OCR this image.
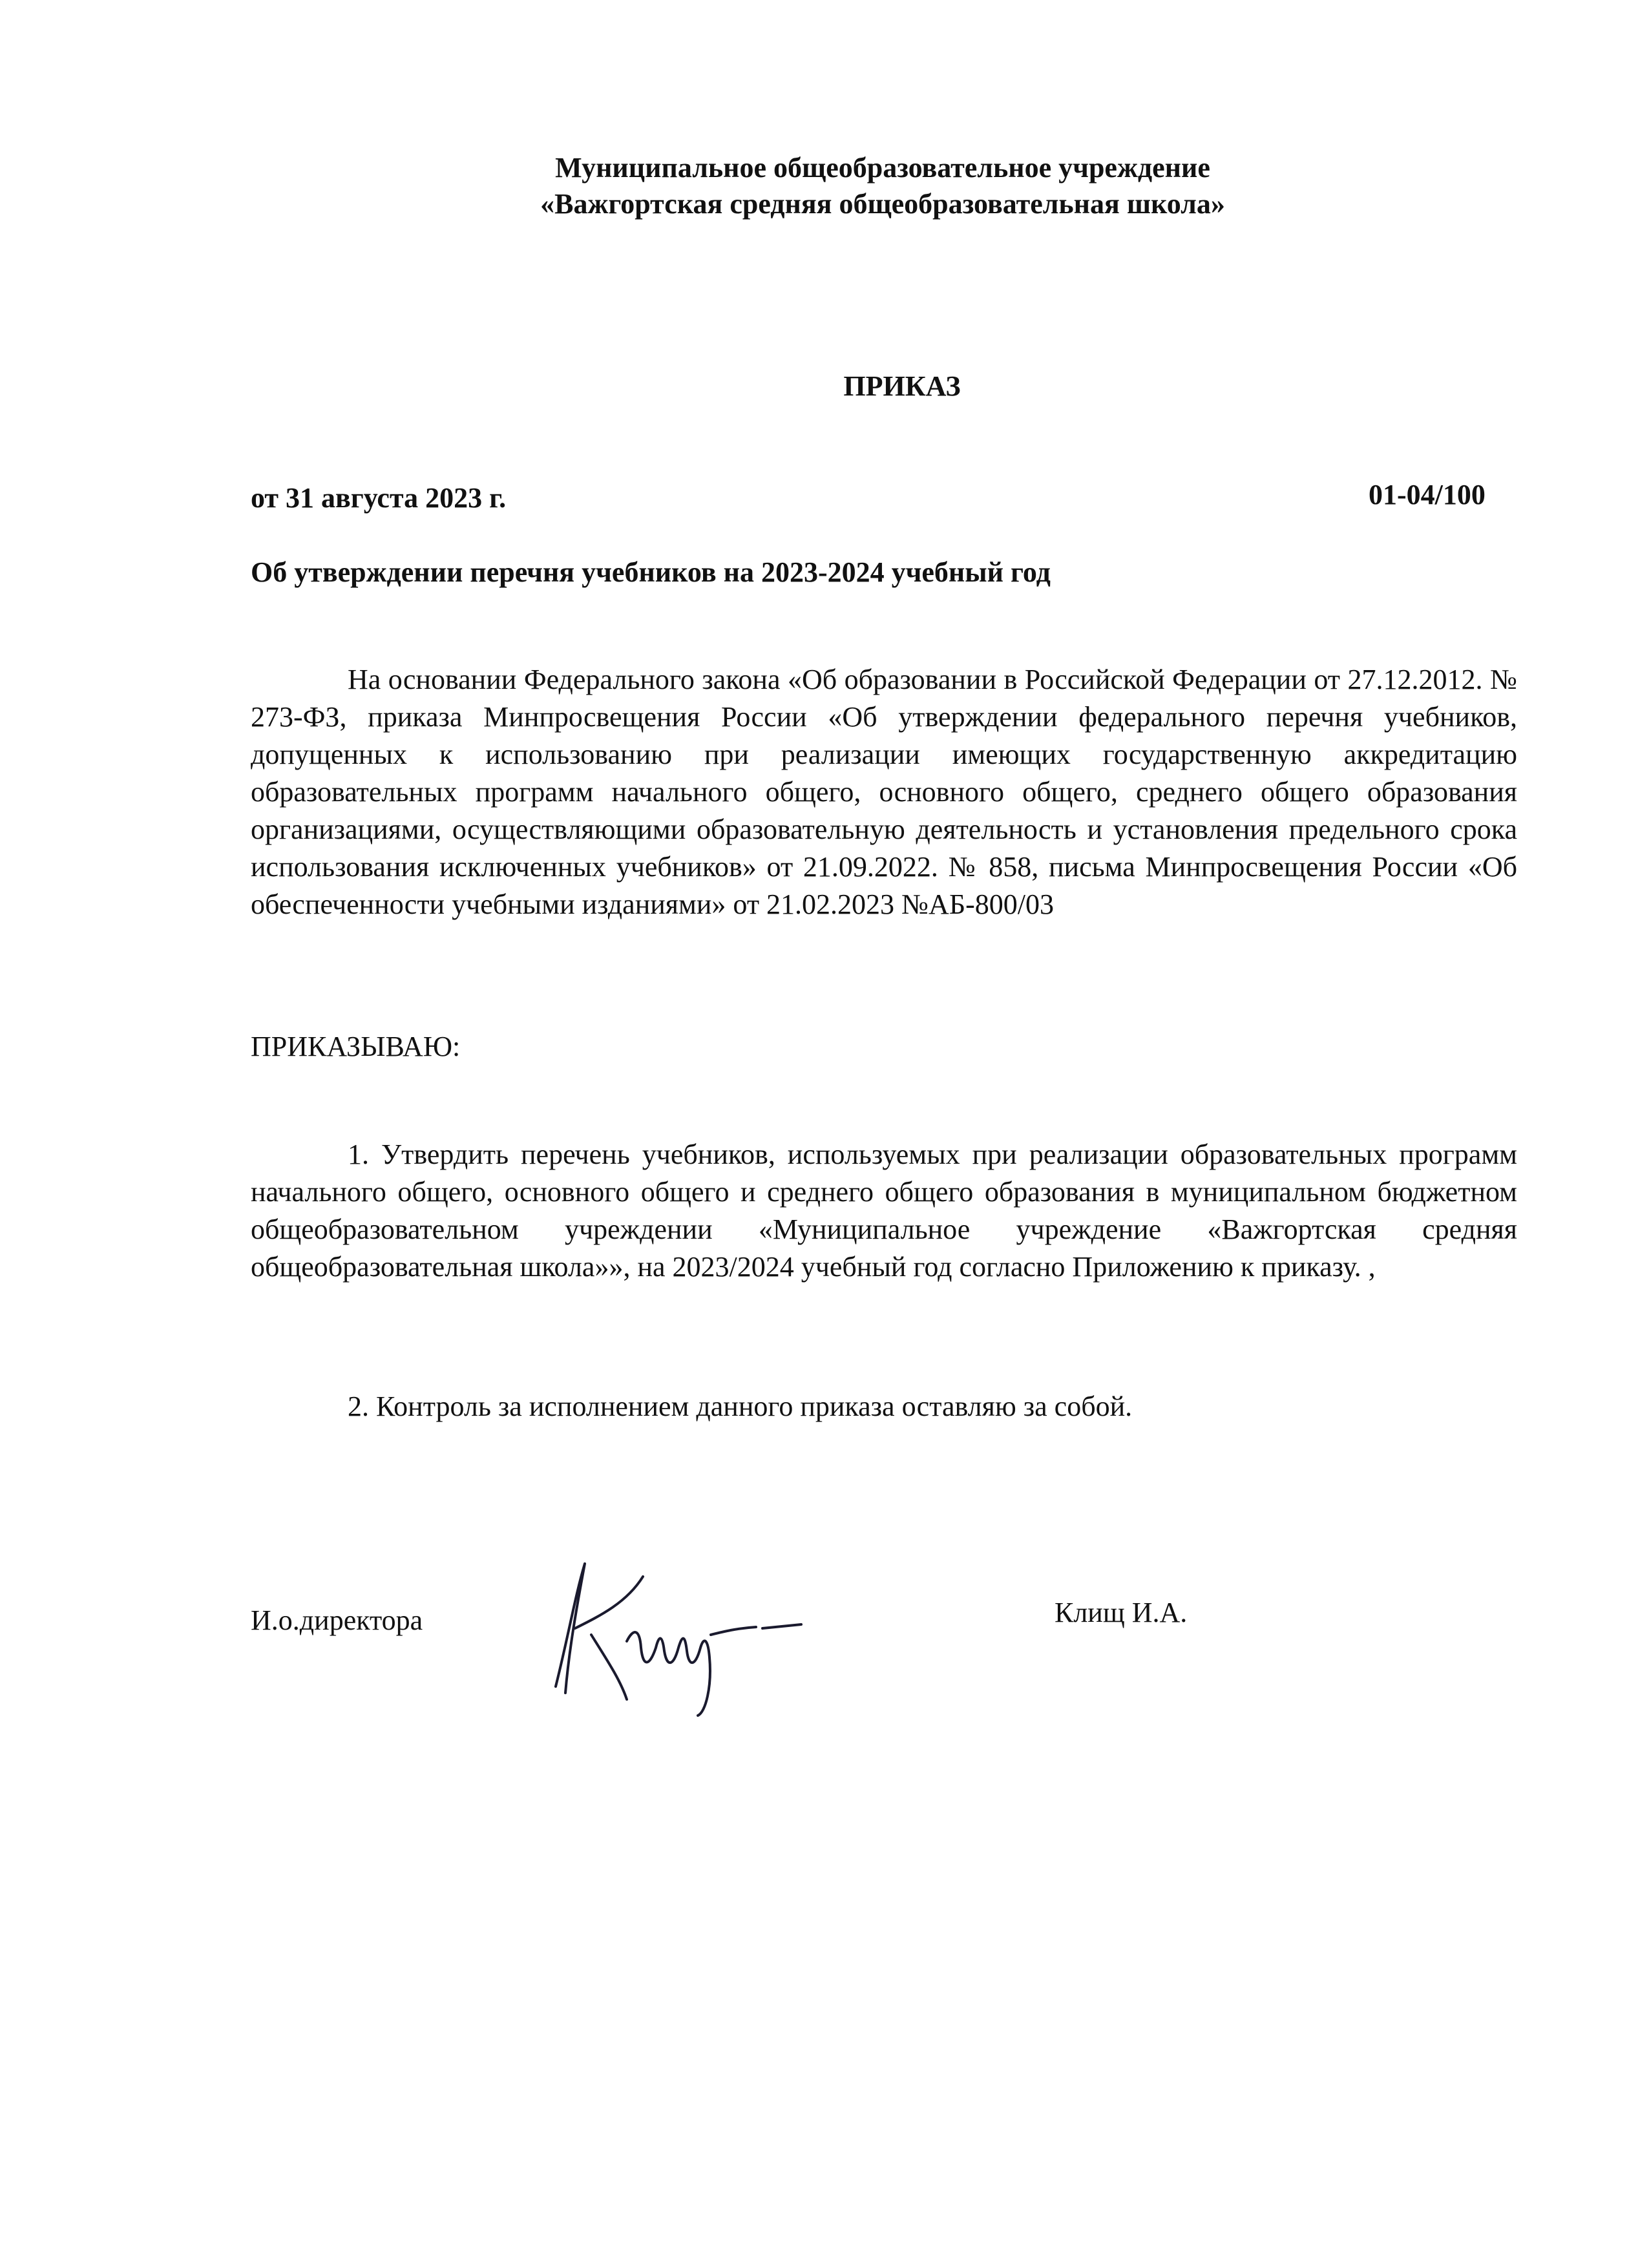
Муниципальное общеобразовательное учреждение
«Важгортская средняя общеобразовательная школа»
ПРИКАЗ
от 31 августа 2023 г.	01-04/100
Об утверждении перечня учебников на 2023-2024 учебный год
На основании Федерального закона «Об образовании в Российской Федерации от 27.12.2012. № 273-ФЗ, приказа Минпросвещения России «Об утверждении федерального перечня учебников, допущенных к использованию при реализации имеющих государственную аккредитацию образовательных программ начального общего, основного общего, среднего общего образования организациями, осуществляющими образовательную деятельность и установления предельного срока использования исключенных учебников» от 21.09.2022. № 858, письма Минпросвещения России «Об обеспеченности учебными изданиями» от 21.02.2023 №АБ-800/03
ПРИКАЗЫВАЮ:
1. Утвердить перечень учебников, используемых при реализации образовательных программ начального общего, основного общего и среднего общего образования в муниципальном бюджетном общеобразовательном учреждении «Муниципальное учреждение «Важгортская средняя общеобразовательная школа»», на 2023/2024 учебный год согласно Приложению к приказу. ,
2. Контроль за исполнением данного приказа оставляю за собой.
И.о.директора	Клищ И.А.
